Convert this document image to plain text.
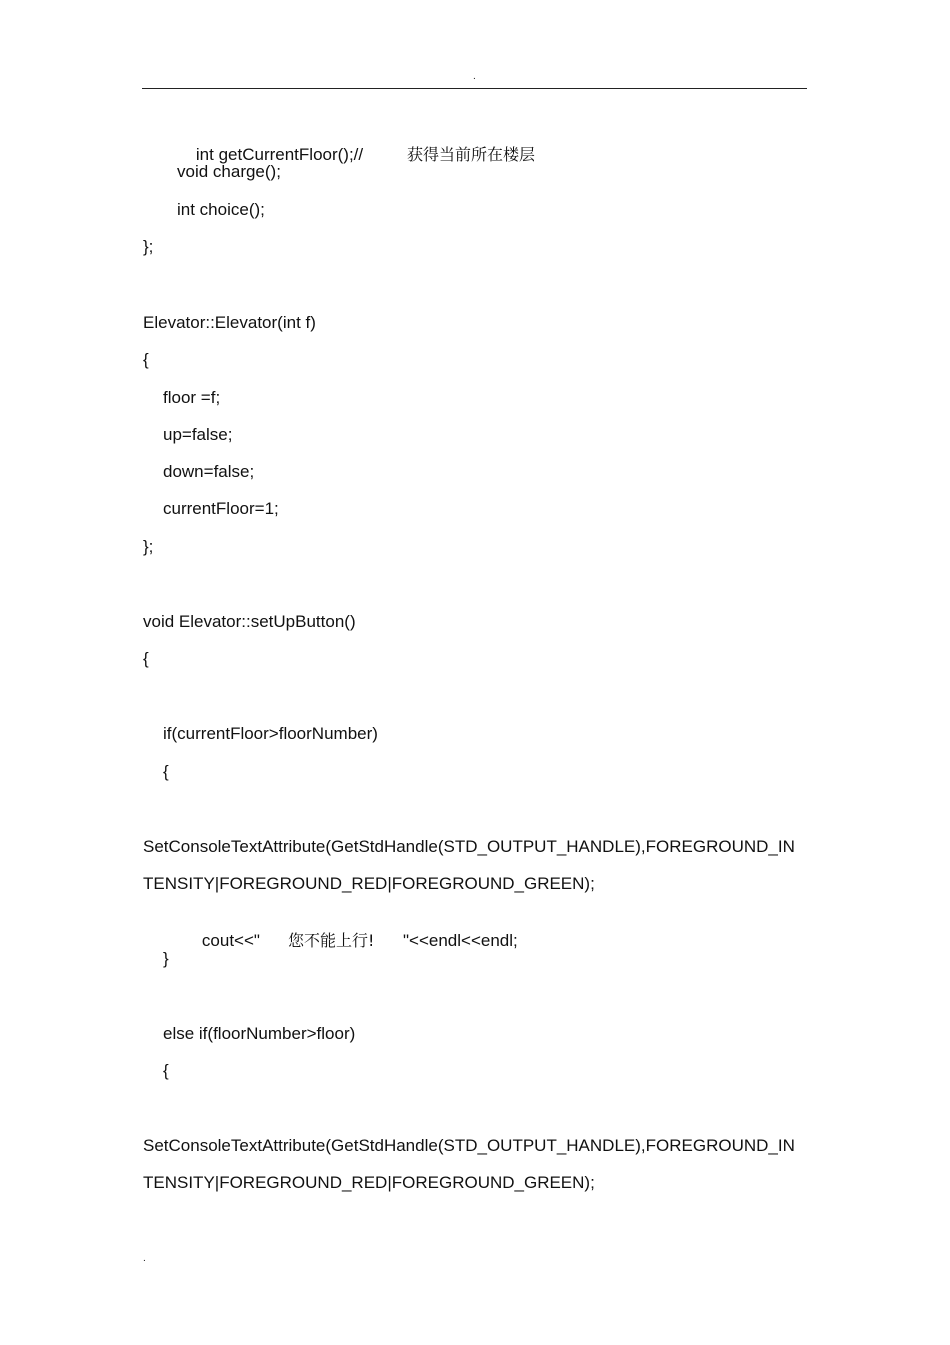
.

int getCurrentFloor();//	获得当前所在楼层

void charge();
int choice();
};
Elevator::Elevator(int f)
{
floor =f;
up=false;
down=false;
currentFloor=1;
};
void Elevator::setUpButton()
{
if(currentFloor>floorNumber)
{
SetConsoleTextAttribute(GetStdHandle(STD_OUTPUT_HANDLE),FOREGROUND_IN
TENSITY|FOREGROUND_RED|FOREGROUND_GREEN);

cout<<" 您不能上行! "<<endl<<endl;

}
else if(floorNumber>floor)
{
SetConsoleTextAttribute(GetStdHandle(STD_OUTPUT_HANDLE),FOREGROUND_IN
TENSITY|FOREGROUND_RED|FOREGROUND_GREEN);
.
